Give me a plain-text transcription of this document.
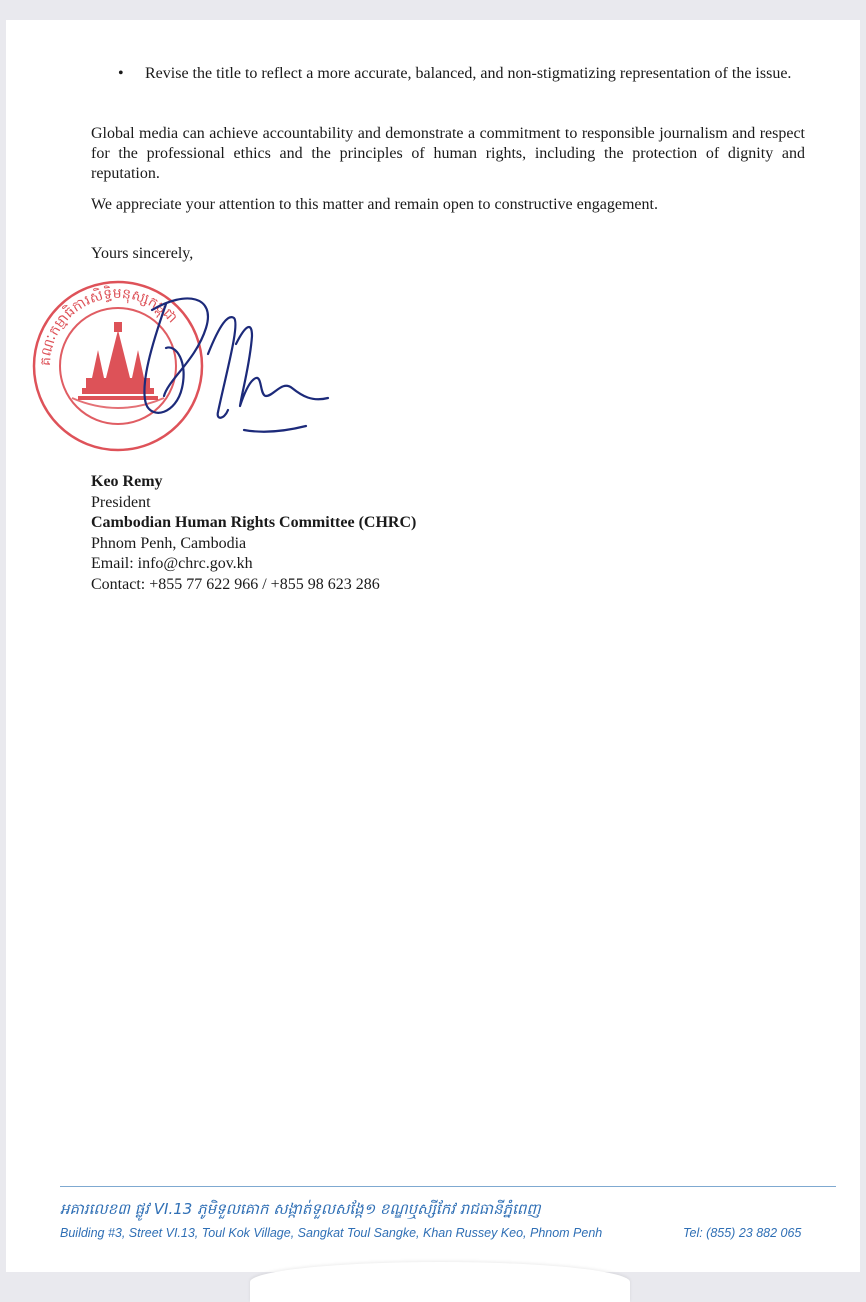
• Revise the title to reflect a more accurate, balanced, and non-stigmatizing representation of the issue.

Global media can achieve accountability and demonstrate a commitment to responsible journalism and respect for the professional ethics and the principles of human rights, including the protection of dignity and reputation.

We appreciate your attention to this matter and remain open to constructive engagement.

Yours sincerely,
គណៈកម្មាធិការសិទ្ធិមនុស្សកម្ពុជា
Keo Remy
President
Cambodian Human Rights Committee (CHRC)
Phnom Penh, Cambodia
Email: info@chrc.gov.kh
Contact: +855 77 622 966 / +855 98 623 286
អគារលេខ៣ ផ្លូវ VI.13 ភូមិទួលគោក សង្កាត់ទួលសង្កែ១ ខណ្ឌឬស្សីកែវ រាជធានីភ្នំពេញ
Building #3, Street VI.13, Toul Kok Village, Sangkat Toul Sangke, Khan Russey Keo, Phnom Penh	Tel: (855) 23 882 065
